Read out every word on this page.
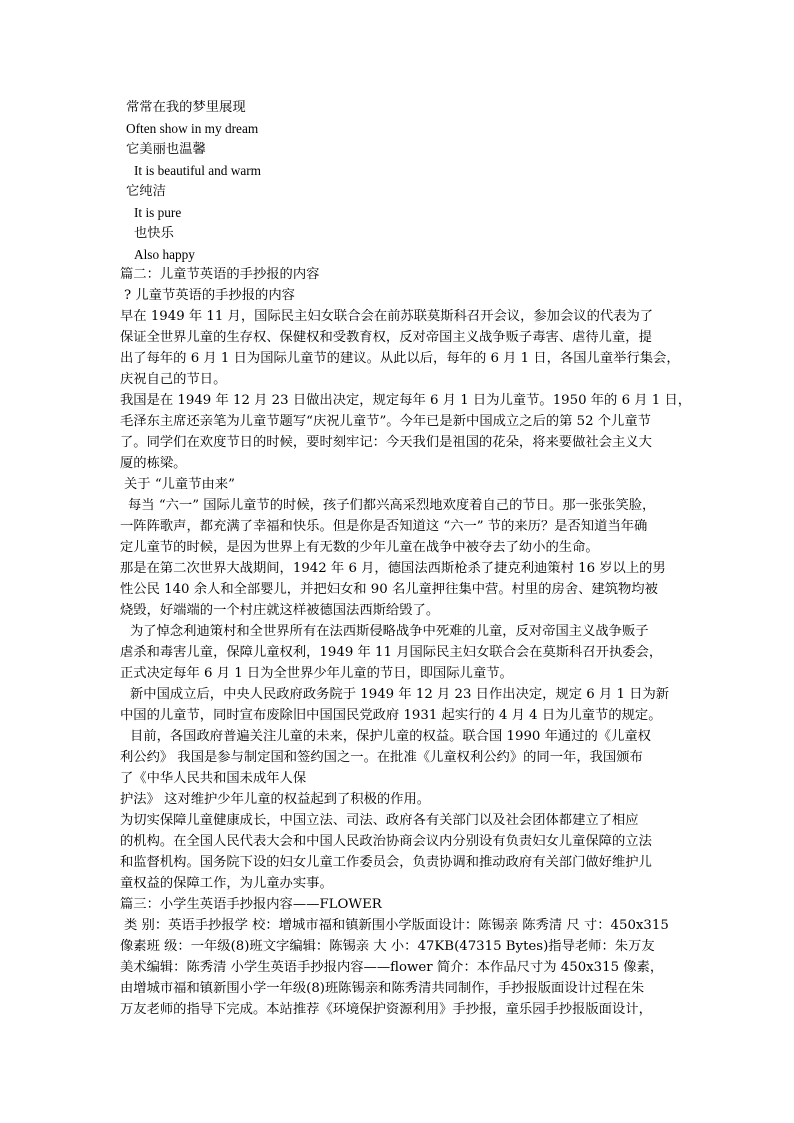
常常在我的梦里展现
Often show in my dream
它美丽也温馨
It is beautiful and warm
它纯洁
It is pure
也快乐
Also happy
篇二：儿童节英语的手抄报的内容
? 儿童节英语的手抄报的内容
早在 1949 年 11 月，国际民主妇女联合会在前苏联莫斯科召开会议，参加会议的代表为了
保证全世界儿童的生存权、保健权和受教育权，反对帝国主义战争贩子毒害、虐待儿童，提
出了每年的 6 月 1 日为国际儿童节的建议。从此以后，每年的 6 月 1 日，各国儿童举行集会，
庆祝自己的节日。
我国是在 1949 年 12 月 23 日做出决定，规定每年 6 月 1 日为儿童节。1950 年的 6 月 1 日，
毛泽东主席还亲笔为儿童节题写“庆祝儿童节”。今年已是新中国成立之后的第 52 个儿童节
了。同学们在欢度节日的时候，要时刻牢记：今天我们是祖国的花朵，将来要做社会主义大
厦的栋梁。
关于 “儿童节由来”
每当 “六一” 国际儿童节的时候，孩子们都兴高采烈地欢度着自己的节日。那一张张笑脸，
一阵阵歌声，都充满了幸福和快乐。但是你是否知道这 “六一” 节的来历？是否知道当年确
定儿童节的时候，是因为世界上有无数的少年儿童在战争中被夺去了幼小的生命。
那是在第二次世界大战期间，1942 年 6 月，德国法西斯枪杀了捷克利迪策村 16 岁以上的男
性公民 140 余人和全部婴儿，并把妇女和 90 名儿童押往集中营。村里的房舍、建筑物均被
烧毁，好端端的一个村庄就这样被德国法西斯给毁了。
为了悼念利迪策村和全世界所有在法西斯侵略战争中死难的儿童，反对帝国主义战争贩子
虐杀和毒害儿童，保障儿童权利，1949 年 11 月国际民主妇女联合会在莫斯科召开执委会，
正式决定每年 6 月 1 日为全世界少年儿童的节日，即国际儿童节。
新中国成立后，中央人民政府政务院于 1949 年 12 月 23 日作出决定，规定 6 月 1 日为新
中国的儿童节，同时宣布废除旧中国国民党政府 1931 起实行的 4 月 4 日为儿童节的规定。
目前，各国政府普遍关注儿童的未来，保护儿童的权益。联合国 1990 年通过的《儿童权
利公约》 我国是参与制定国和签约国之一。在批准《儿童权利公约》的同一年，我国颁布
了《中华人民共和国未成年人保
护法》 这对维护少年儿童的权益起到了积极的作用。
为切实保障儿童健康成长，中国立法、司法、政府各有关部门以及社会团体都建立了相应
的机构。在全国人民代表大会和中国人民政治协商会议内分别设有负责妇女儿童保障的立法
和监督机构。国务院下设的妇女儿童工作委员会，负责协调和推动政府有关部门做好维护儿
童权益的保障工作，为儿童办实事。
篇三：小学生英语手抄报内容——FLOWER
类 别：英语手抄报学 校：增城市福和镇新围小学版面设计：陈锡亲 陈秀清 尺 寸：450x315
像素班 级：一年级(8)班文字编辑：陈锡亲 大 小：47KB(47315 Bytes)指导老师：朱万友
美术编辑：陈秀清 小学生英语手抄报内容——flower 简介：本作品尺寸为 450x315 像素，
由增城市福和镇新围小学一年级(8)班陈锡亲和陈秀清共同制作，手抄报版面设计过程在朱
万友老师的指导下完成。本站推荐《环境保护资源利用》手抄报，童乐园手抄报版面设计，
